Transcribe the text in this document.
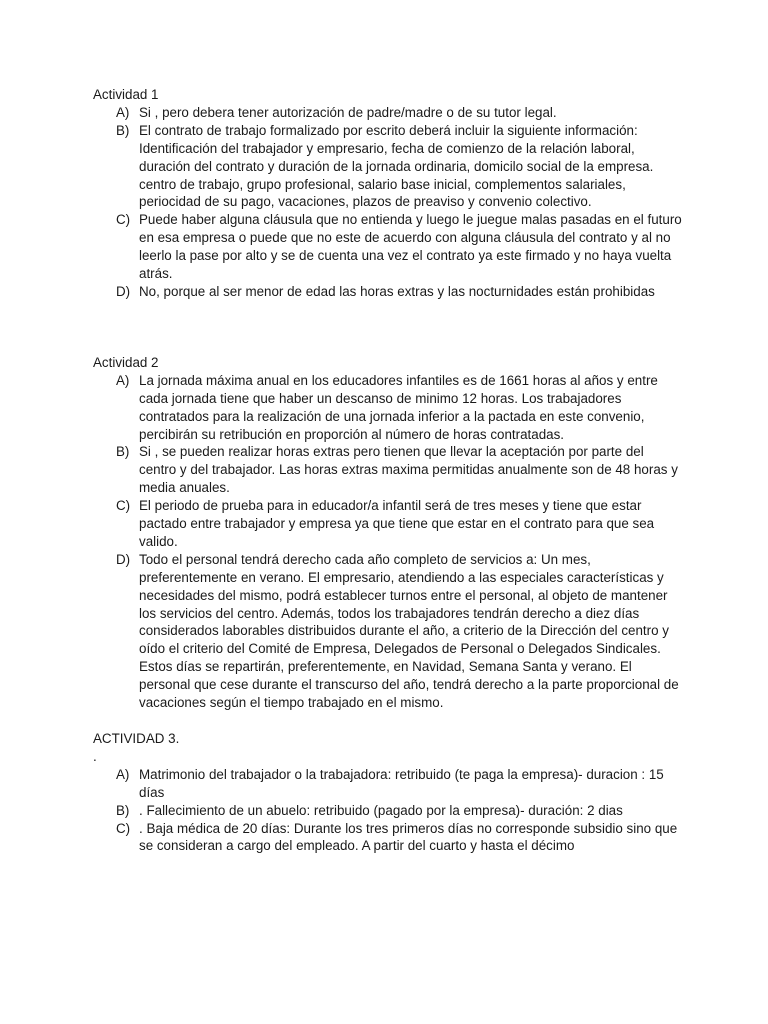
Actividad 1

A) Si , pero debera tener autorización de padre/madre o de su tutor legal.
B) El contrato de trabajo formalizado por escrito deberá incluir la siguiente información: Identificación del trabajador y empresario, fecha de comienzo de la relación laboral, duración del contrato y duración de la jornada ordinaria, domicilo social de la empresa. centro de trabajo, grupo profesional, salario base inicial, complementos salariales, periocidad de su pago, vacaciones, plazos de preaviso y convenio colectivo.
C) Puede haber alguna cláusula que no entienda y luego le juegue malas pasadas en el futuro en esa empresa o puede que no este de acuerdo con alguna cláusula del contrato y al no leerlo la pase por alto y se de cuenta una vez el contrato ya este firmado y no haya vuelta atrás.
D) No, porque al ser menor de edad las horas extras y las nocturnidades están prohibidas

Actividad 2

A) La jornada máxima anual en los educadores infantiles es de 1661 horas al años y entre cada jornada tiene que haber un descanso de minimo 12 horas. Los trabajadores contratados para la realización de una jornada inferior a la pactada en este convenio, percibirán su retribución en proporción al número de horas contratadas.
B) Si , se pueden realizar horas extras pero tienen que llevar la aceptación por parte del centro y del trabajador. Las horas extras maxima permitidas anualmente son de 48 horas y media anuales.
C) El periodo de prueba para in educador/a infantil será de tres meses y tiene que estar pactado entre trabajador y empresa ya que tiene que estar en el contrato para que sea valido.
D) Todo el personal tendrá derecho cada año completo de servicios a: Un mes, preferentemente en verano. El empresario, atendiendo a las especiales características y necesidades del mismo, podrá establecer turnos entre el personal, al objeto de mantener los servicios del centro. Además, todos los trabajadores tendrán derecho a diez días considerados laborables distribuidos durante el año, a criterio de la Dirección del centro y oído el criterio del Comité de Empresa, Delegados de Personal o Delegados Sindicales. Estos días se repartirán, preferentemente, en Navidad, Semana Santa y verano. El personal que cese durante el transcurso del año, tendrá derecho a la parte proporcional de vacaciones según el tiempo trabajado en el mismo.

ACTIVIDAD 3.

.
A) Matrimonio del trabajador o la trabajadora: retribuido (te paga la empresa)- duracion : 15 días
B) . Fallecimiento de un abuelo: retribuido (pagado por la empresa)- duración: 2 dias
C) . Baja médica de 20 días: Durante los tres primeros días no corresponde subsidio sino que se consideran a cargo del empleado. A partir del cuarto y hasta el décimo
